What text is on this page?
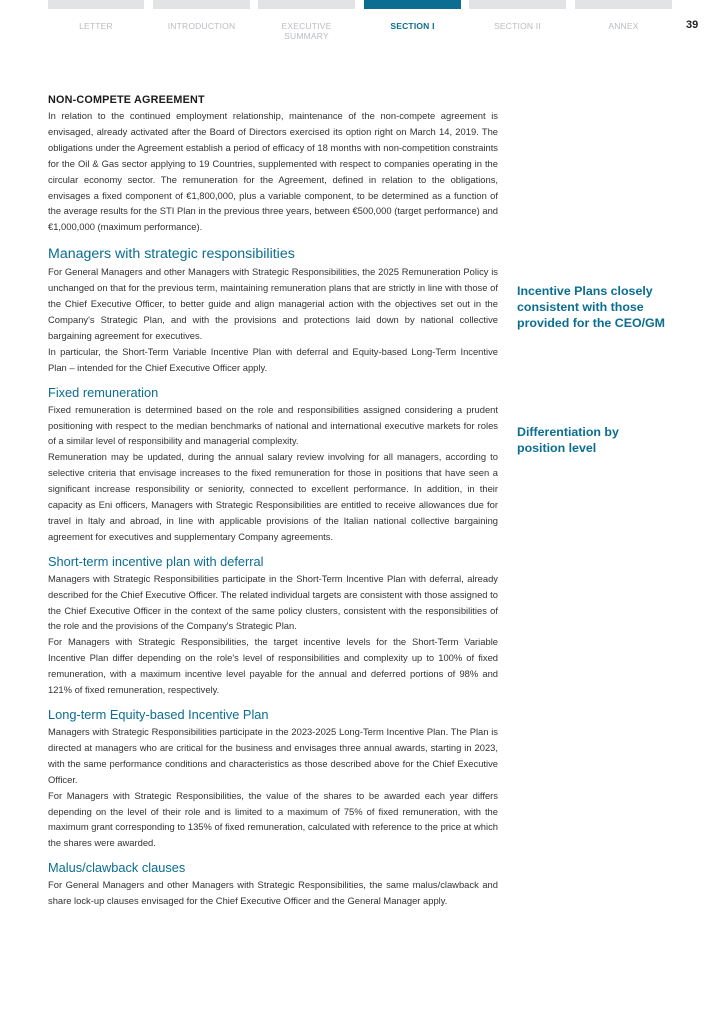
LETTER	INTRODUCTION	EXECUTIVE SUMMARY
SECTION I	SECTION II	ANNEX	39
NON-COMPETE AGREEMENT

In relation to the continued employment relationship, maintenance of the non-compete agreement is envisaged, already activated after the Board of Directors exercised its option right on March 14, 2019. The obligations under the Agreement establish a period of efficacy of 18 months with non-competition constraints for the Oil & Gas sector applying to 19 Countries, supplemented with respect to companies operating in the circular economy sector. The remuneration for the Agreement, defined in relation to the obligations, envisages a fixed component of €1,800,000, plus a variable component, to be determined as a function of the average results for the STI Plan in the previous three years, between €500,000 (target performance) and €1,000,000 (maximum performance).

Managers with strategic responsibilities

For General Managers and other Managers with Strategic Responsibilities, the 2025 Remuneration Policy is unchanged on that for the previous term, maintaining remuneration plans that are strictly in line with those of the Chief Executive Officer, to better guide and align managerial action with the objectives set out in the Company's Strategic Plan, and with the provisions and protections laid down by national collective bargaining agreement for executives.

In particular, the Short-Term Variable Incentive Plan with deferral and Equity-based Long-Term Incentive Plan – intended for the Chief Executive Officer apply.

Fixed remuneration

Fixed remuneration is determined based on the role and responsibilities assigned considering a prudent positioning with respect to the median benchmarks of national and international executive markets for roles of a similar level of responsibility and managerial complexity.

Remuneration may be updated, during the annual salary review involving for all managers, according to selective criteria that envisage increases to the fixed remuneration for those in positions that have seen a significant increase responsibility or seniority, connected to excellent performance. In addition, in their capacity as Eni officers, Managers with Strategic Responsibilities are entitled to receive allowances due for travel in Italy and abroad, in line with applicable provisions of the Italian national collective bargaining agreement for executives and supplementary Company agreements.

Short-term incentive plan with deferral

Managers with Strategic Responsibilities participate in the Short-Term Incentive Plan with deferral, already described for the Chief Executive Officer. The related individual targets are consistent with those assigned to the Chief Executive Officer in the context of the same policy clusters, consistent with the responsibilities of the role and the provisions of the Company's Strategic Plan.

For Managers with Strategic Responsibilities, the target incentive levels for the Short-Term Variable Incentive Plan differ depending on the role's level of responsibilities and complexity up to 100% of fixed remuneration, with a maximum incentive level payable for the annual and deferred portions of 98% and 121% of fixed remuneration, respectively.

Long-term Equity-based Incentive Plan

Managers with Strategic Responsibilities participate in the 2023-2025 Long-Term Incentive Plan. The Plan is directed at managers who are critical for the business and envisages three annual awards, starting in 2023, with the same performance conditions and characteristics as those described above for the Chief Executive Officer.

For Managers with Strategic Responsibilities, the value of the shares to be awarded each year differs depending on the level of their role and is limited to a maximum of 75% of fixed remuneration, with the maximum grant corresponding to 135% of fixed remuneration, calculated with reference to the price at which the shares were awarded.

Malus/clawback clauses

For General Managers and other Managers with Strategic Responsibilities, the same malus/clawback and share lock-up clauses envisaged for the Chief Executive Officer and the General Manager apply.

Incentive Plans closely consistent with those provided for the CEO/GM
Differentiation by position level
